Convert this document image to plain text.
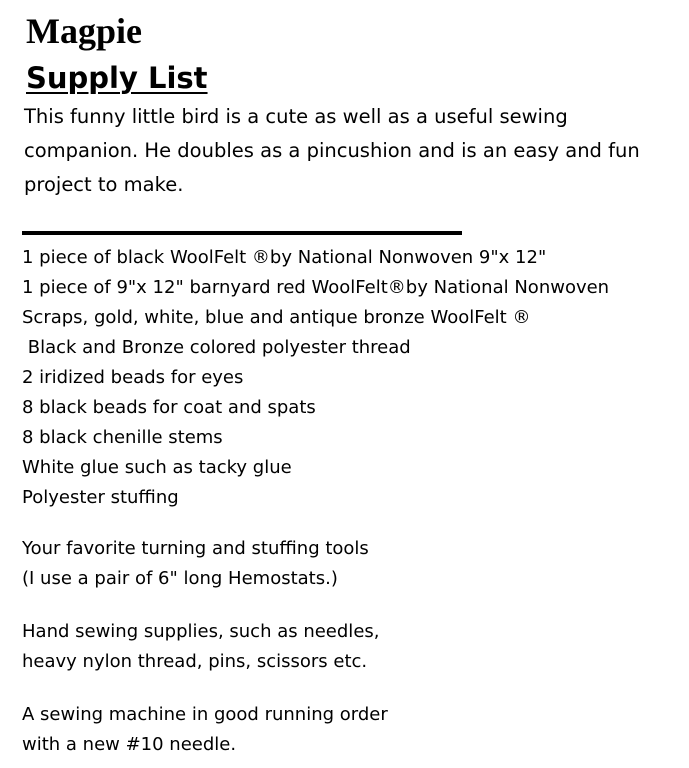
Magpie
Supply List

This funny little bird is a cute as well as a useful sewing
companion. He doubles as a pincushion and is an easy and fun
project to make.

1 piece of black WoolFelt ®by National Nonwoven 9"x 12"
1 piece of 9"x 12" barnyard red WoolFelt®by National Nonwoven
Scraps, gold, white, blue and antique bronze WoolFelt ®
Black and Bronze colored polyester thread
2 iridized beads for eyes
8 black beads for coat and spats
8 black chenille stems
White glue such as tacky glue
Polyester stuffing

Your favorite turning and stuffing tools
(I use a pair of 6" long Hemostats.)

Hand sewing supplies, such as needles,
heavy nylon thread, pins, scissors etc.

A sewing machine in good running order
with a new #10 needle.
